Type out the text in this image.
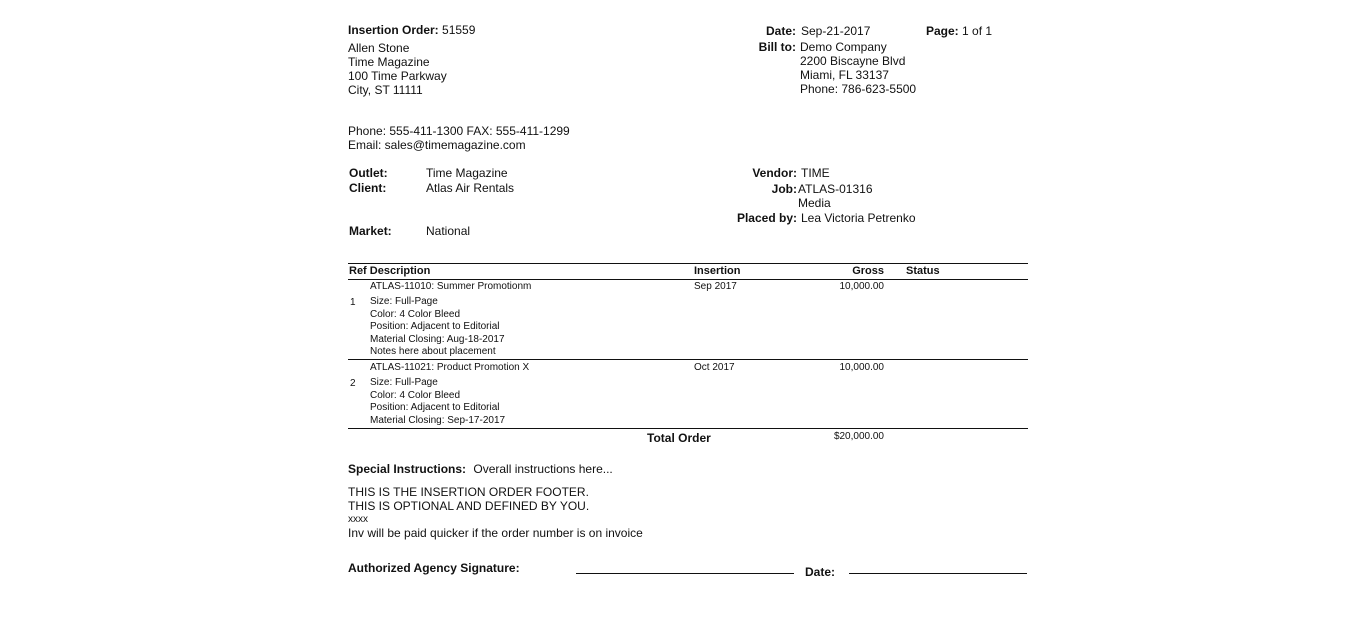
Insertion Order: 51559
Allen Stone
Time Magazine
100 Time Parkway
City, ST 11111
Date: Sep-21-2017	Page: 1 of 1
Bill to: Demo Company
2200 Biscayne Blvd
Miami, FL 33137
Phone: 786-623-5500
Phone: 555-411-1300 FAX: 555-411-1299
Email: sales@timemagazine.com
Outlet:	Time Magazine
Client:	Atlas Air Rentals
Market:	National
Vendor: TIME
Job: ATLAS-01316
Media
Placed by: Lea Victoria Petrenko
Ref Description	Insertion	Gross Status
ATLAS-11010: Summer Promotionm	Sep 2017	10,000.00
1 Size: Full-Page
Color: 4 Color Bleed
Position: Adjacent to Editorial
Material Closing: Aug-18-2017
Notes here about placement
ATLAS-11021: Product Promotion X	Oct 2017	10,000.00
2 Size: Full-Page
Color: 4 Color Bleed
Position: Adjacent to Editorial
Material Closing: Sep-17-2017
Total Order	$20,000.00
Special Instructions: Overall instructions here...
THIS IS THE INSERTION ORDER FOOTER.
THIS IS OPTIONAL AND DEFINED BY YOU.
xxxx
Inv will be paid quicker if the order number is on invoice
Authorized Agency Signature:	Date:
